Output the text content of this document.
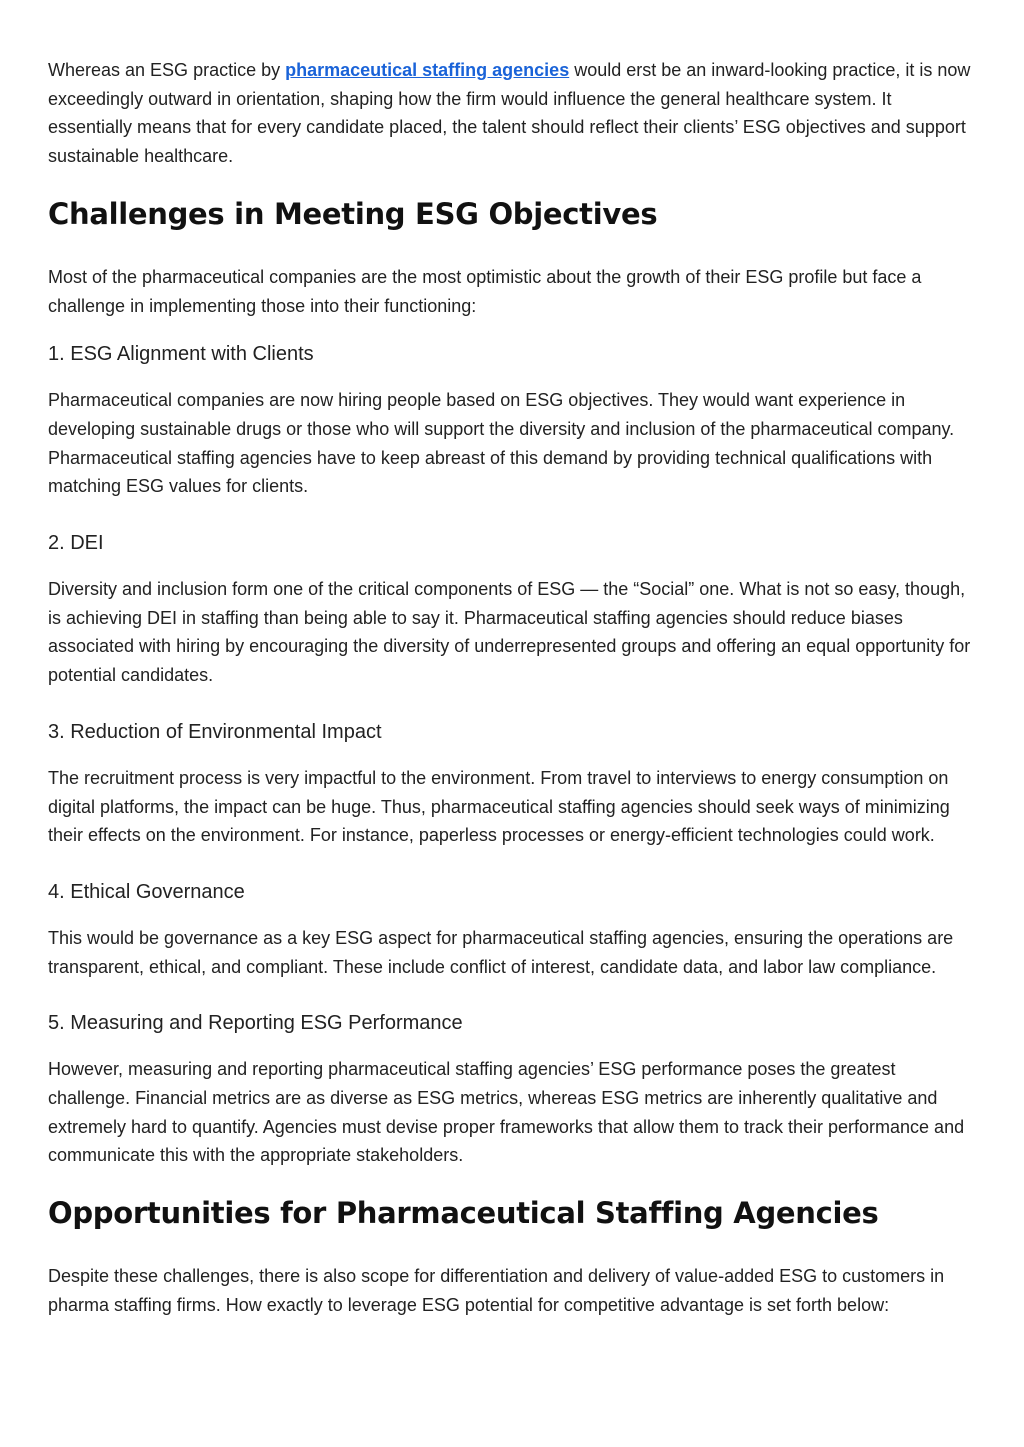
Whereas an ESG practice by pharmaceutical staffing agencies would erst be an inward-looking practice, it is now exceedingly outward in orientation, shaping how the firm would influence the general healthcare system. It essentially means that for every candidate placed, the talent should reflect their clients’ ESG objectives and support sustainable healthcare.

Challenges in Meeting ESG Objectives

Most of the pharmaceutical companies are the most optimistic about the growth of their ESG profile but face a challenge in implementing those into their functioning:

1. ESG Alignment with Clients

Pharmaceutical companies are now hiring people based on ESG objectives. They would want experience in developing sustainable drugs or those who will support the diversity and inclusion of the pharmaceutical company. Pharmaceutical staffing agencies have to keep abreast of this demand by providing technical qualifications with matching ESG values for clients.

2. DEI

Diversity and inclusion form one of the critical components of ESG — the “Social” one. What is not so easy, though, is achieving DEI in staffing than being able to say it. Pharmaceutical staffing agencies should reduce biases associated with hiring by encouraging the diversity of underrepresented groups and offering an equal opportunity for potential candidates.

3. Reduction of Environmental Impact

The recruitment process is very impactful to the environment. From travel to interviews to energy consumption on digital platforms, the impact can be huge. Thus, pharmaceutical staffing agencies should seek ways of minimizing their effects on the environment. For instance, paperless processes or energy-efficient technologies could work.

4. Ethical Governance

This would be governance as a key ESG aspect for pharmaceutical staffing agencies, ensuring the operations are transparent, ethical, and compliant. These include conflict of interest, candidate data, and labor law compliance.

5. Measuring and Reporting ESG Performance

However, measuring and reporting pharmaceutical staffing agencies’ ESG performance poses the greatest challenge. Financial metrics are as diverse as ESG metrics, whereas ESG metrics are inherently qualitative and extremely hard to quantify. Agencies must devise proper frameworks that allow them to track their performance and communicate this with the appropriate stakeholders.

Opportunities for Pharmaceutical Staffing Agencies

Despite these challenges, there is also scope for differentiation and delivery of value-added ESG to customers in pharma staffing firms. How exactly to leverage ESG potential for competitive advantage is set forth below:
